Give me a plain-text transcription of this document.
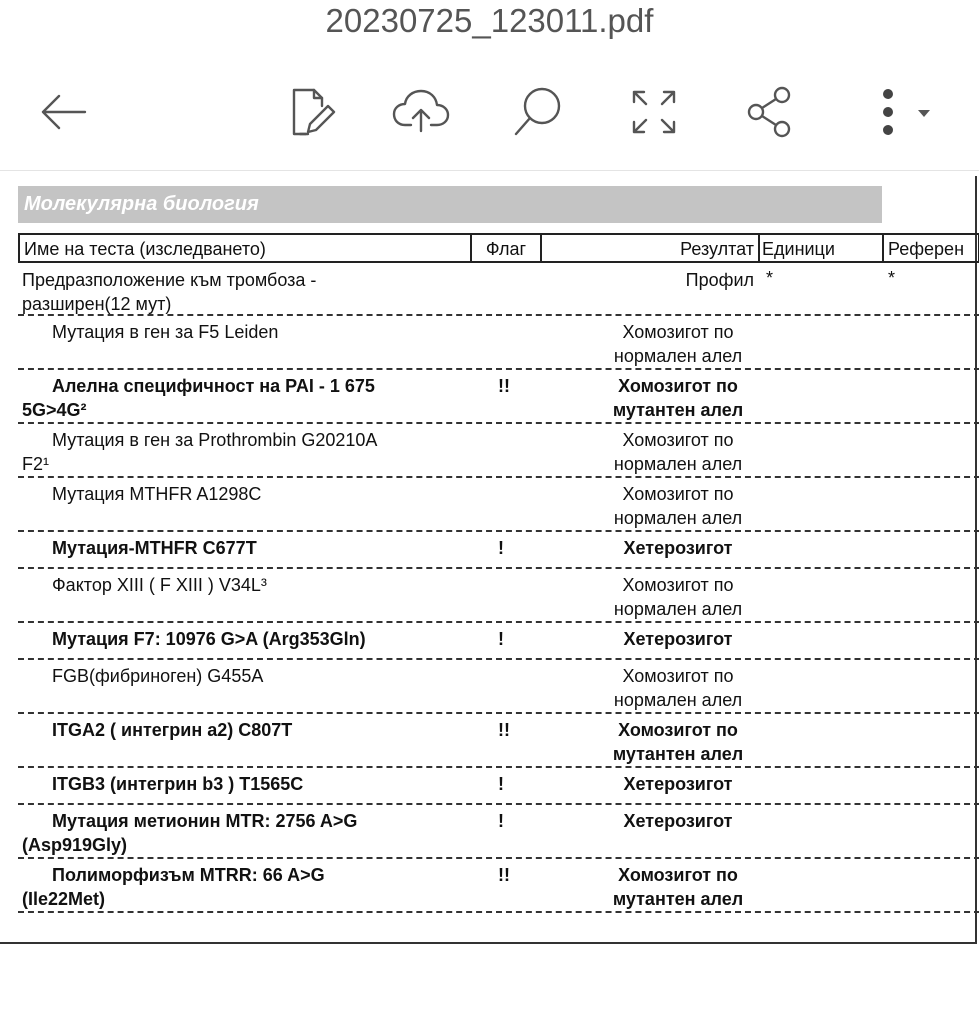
20230725_123011.pdf
Молекулярна биология
Име на теста (изследването)	Флаг	Резултат Единици	Референ
Предразположение към тромбоза -
разширен(12 мут)
Профил *	*
Мутация в ген за F5 Leiden	Хомозигот по
нормален алел
Алелна специфичност на PAI - 1 675
5G>4G²
!!	Хомозигот по
мутантен алел
Мутация в ген за Prothrombin G20210A
F2¹
Хомозигот по
нормален алел
Мутация MTHFR A1298C	Хомозигот по
нормален алел
Мутация-MTHFR C677T	!	Хетерозигот
Фактор XIII ( F XIII ) V34L³	Хомозигот по
нормален алел
Мутация F7: 10976 G>A (Arg353Gln)	!	Хетерозигот
FGB(фибриноген) G455A	Хомозигот по
нормален алел
ITGA2 ( интегрин a2) C807T	!!	Хомозигот по
мутантен алел
ITGB3 (интегрин b3 ) T1565C	!	Хетерозигот
Мутация метионин MTR: 2756 A>G
(Asp919Gly)
!	Хетерозигот
Полиморфизъм MTRR: 66 A>G
(Ile22Met)
!!	Хомозигот по
мутантен алел
